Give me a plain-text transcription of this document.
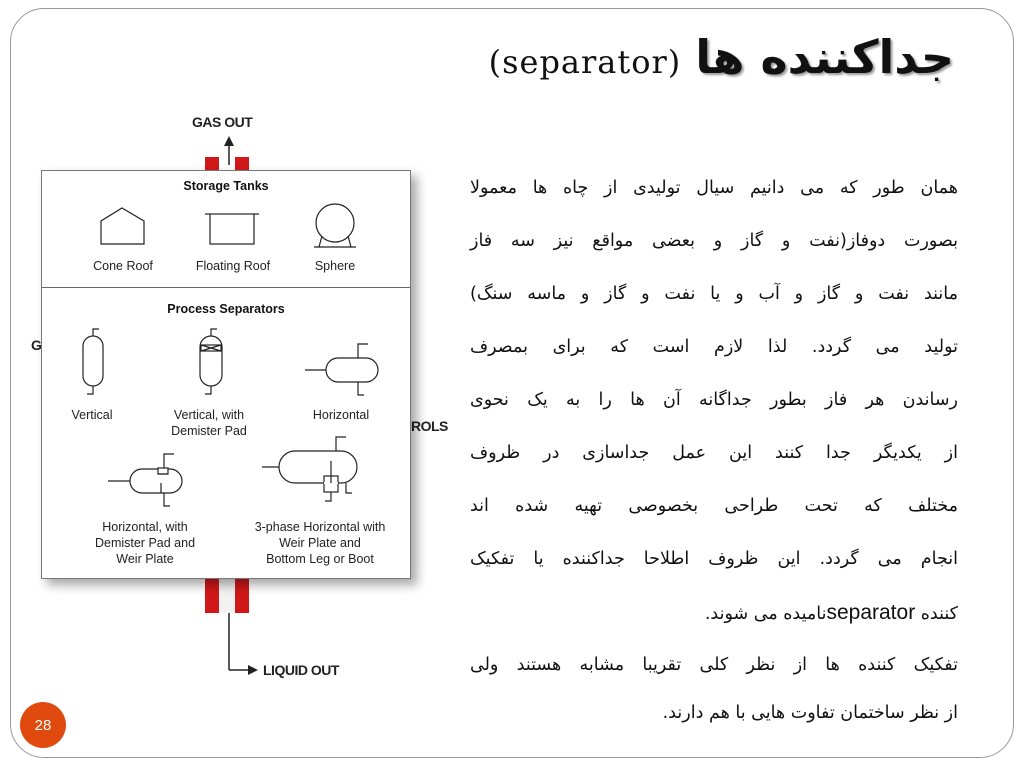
(separator) جداکننده ها
GAS OUT
LIQUID OUT
ROLS
G
Storage Tanks
Process Separators
Cone Roof	Floating Roof	Sphere
Vertical	Vertical, with
Demister Pad
Horizontal
Horizontal, with
Demister Pad and
Weir Plate
3-phase Horizontal with
Weir Plate and
Bottom Leg or Boot

همان طور که می دانیم سیال تولیدی از چاه ها معمولا

بصورت دوفاز(نفت و گاز و بعضی مواقع نیز سه فاز

مانند نفت و گاز و آب و یا نفت و گاز و ماسه سنگ)

تولید می گردد. لذا لازم است که برای بمصرف

رساندن هر فاز بطور جداگانه آن ها را به یک نحوی

از یکدیگر جدا کنند این عمل جداسازی در ظروف

مختلف که تحت طراحی بخصوصی تهیه شده اند

انجام می گردد. این ظروف اطلاحا جداکننده یا تفکیک

کننده separatorنامیده می شوند.

تفکیک کننده ها از نظر کلی تقریبا مشابه هستند ولی

از نظر ساختمان تفاوت هایی با هم دارند.

28
